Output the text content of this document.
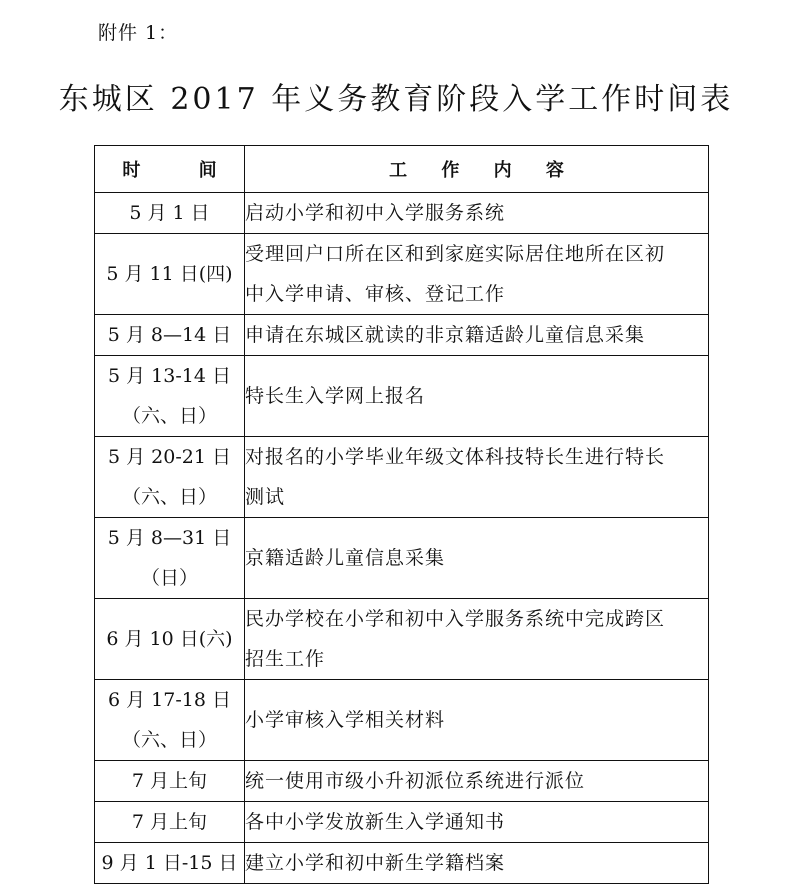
附件 1：
东城区 2017 年义务教育阶段入学工作时间表
时 间	工 作 内 容

5 月 1 日	启动小学和初中入学服务系统

5 月 11 日(四)	受理回户口所在区和到家庭实际居住地所在区初
中入学申请、审核、登记工作

5 月 8—14 日	申请在东城区就读的非京籍适龄儿童信息采集

5 月 13-14 日
（六、日）	特长生入学网上报名

5 月 20-21 日
（六、日）	对报名的小学毕业年级文体科技特长生进行特长
测试

5 月 8—31 日
（日）	京籍适龄儿童信息采集

6 月 10 日(六)	民办学校在小学和初中入学服务系统中完成跨区
招生工作

6 月 17-18 日
（六、日）	小学审核入学相关材料

7 月上旬	统一使用市级小升初派位系统进行派位

7 月上旬	各中小学发放新生入学通知书

9 月 1 日-15 日	建立小学和初中新生学籍档案
